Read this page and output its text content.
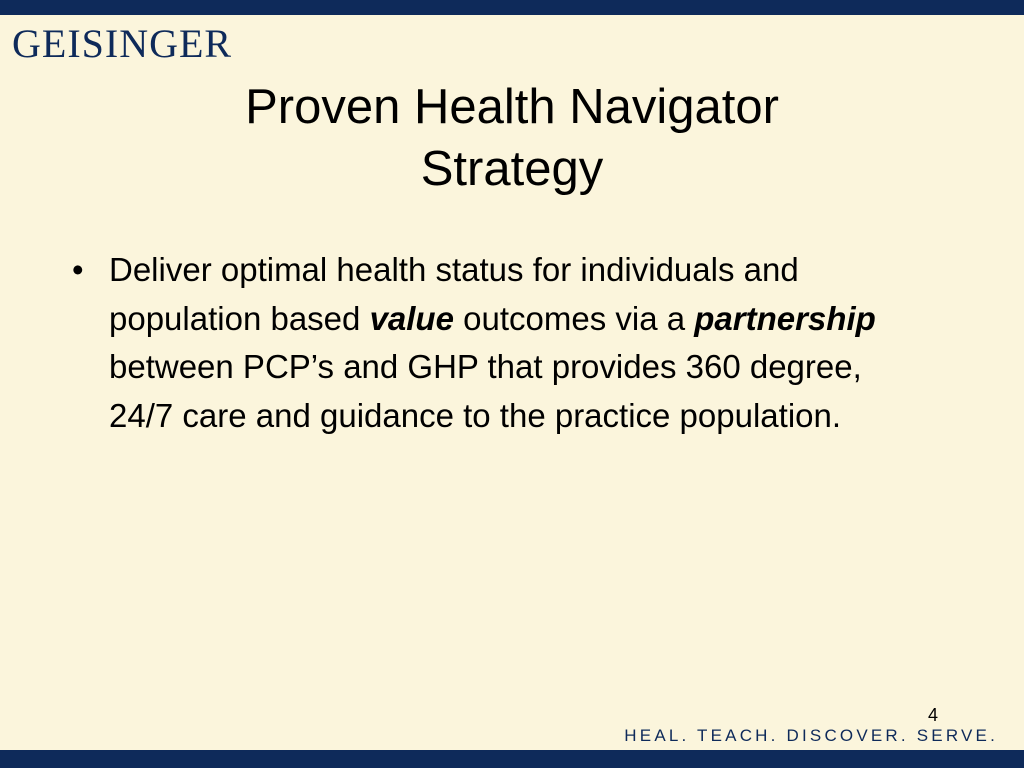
GEISINGER
Proven Health Navigator
Strategy
• Deliver optimal health status for individuals and population based value outcomes via a partnership between PCP’s and GHP that provides 360 degree, 24/7 care and guidance to the practice population.
4
HEAL. TEACH. DISCOVER. SERVE.
